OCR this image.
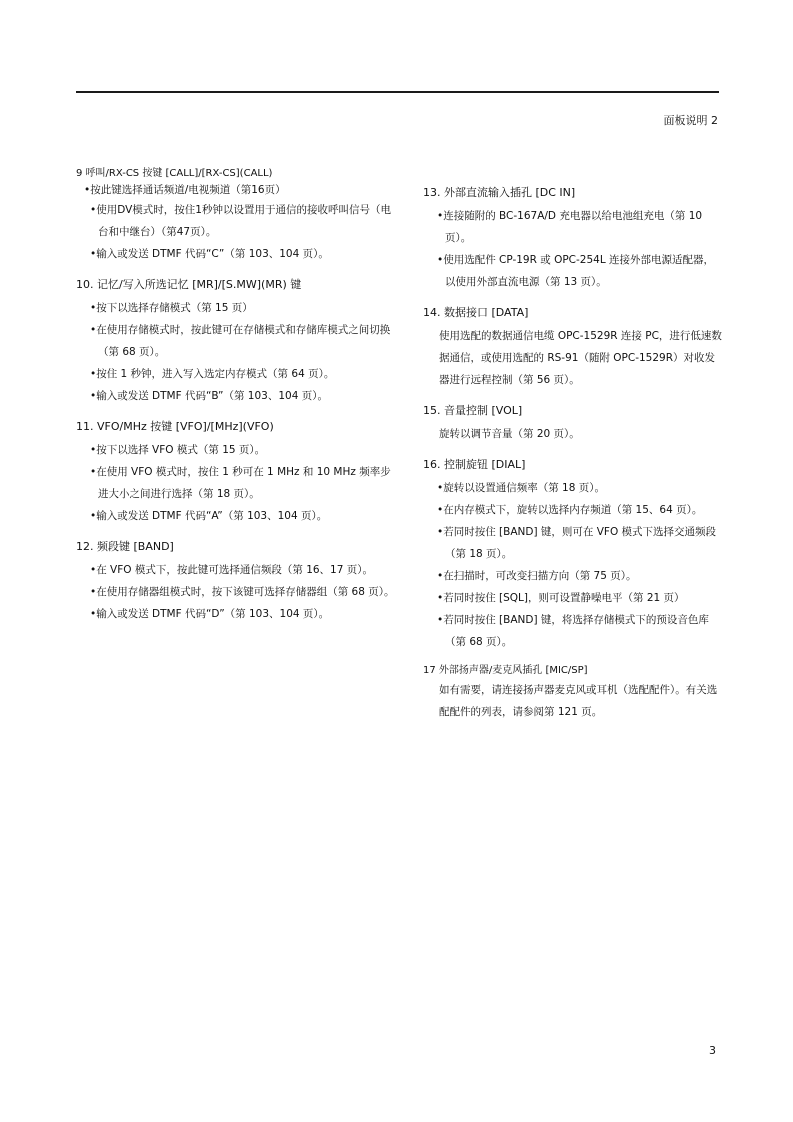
面板说明 2
9 呼叫/RX-CS 按键 [CALL]/[RX-CS](CALL)
•按此键选择通话频道/电视频道（第16页）
•使用DV模式时，按住1秒钟以设置用于通信的接收呼叫信号（电台和中继台）（第47页）。
•输入或发送 DTMF 代码“C”（第 103、104 页）。
10. 记忆/写入所选记忆 [MR]/[S.MW](MR) 键
•按下以选择存储模式（第 15 页）
•在使用存储模式时，按此键可在存储模式和存储库模式之间切换（第 68 页）。
•按住 1 秒钟，进入写入选定内存模式（第 64 页）。
•输入或发送 DTMF 代码“B”（第 103、104 页）。
11. VFO/MHz 按键 [VFO]/[MHz](VFO)
•按下以选择 VFO 模式（第 15 页）。
•在使用 VFO 模式时，按住 1 秒可在 1 MHz 和 10 MHz 频率步进大小之间进行选择（第 18 页）。
•输入或发送 DTMF 代码“A”（第 103、104 页）。
12. 频段键 [BAND]
•在 VFO 模式下，按此键可选择通信频段（第 16、17 页）。
•在使用存储器组模式时，按下该键可选择存储器组（第 68 页）。
•输入或发送 DTMF 代码“D”（第 103、104 页）。
13. 外部直流输入插孔 [DC IN]
•连接随附的 BC-167A/D 充电器以给电池组充电（第 10 页）。
•使用选配件 CP-19R 或 OPC-254L 连接外部电源适配器，以使用外部直流电源（第 13 页）。
14. 数据接口 [DATA]
使用选配的数据通信电缆 OPC-1529R 连接 PC，进行低速数据通信，或使用选配的 RS-91（随附 OPC-1529R）对收发器进行远程控制（第 56 页）。
15. 音量控制 [VOL]
旋转以调节音量（第 20 页）。
16. 控制旋钮 [DIAL]
•旋转以设置通信频率（第 18 页）。
•在内存模式下，旋转以选择内存频道（第 15、64 页）。
•若同时按住 [BAND] 键，则可在 VFO 模式下选择交通频段（第 18 页）。
•在扫描时，可改变扫描方向（第 75 页）。
•若同时按住 [SQL]，则可设置静噪电平（第 21 页）
•若同时按住 [BAND] 键，将选择存储模式下的预设音色库（第 68 页）。
17 外部扬声器/麦克风插孔 [MIC/SP]
如有需要，请连接扬声器麦克风或耳机（选配配件）。有关选配配件的列表，请参阅第 121 页。
3
